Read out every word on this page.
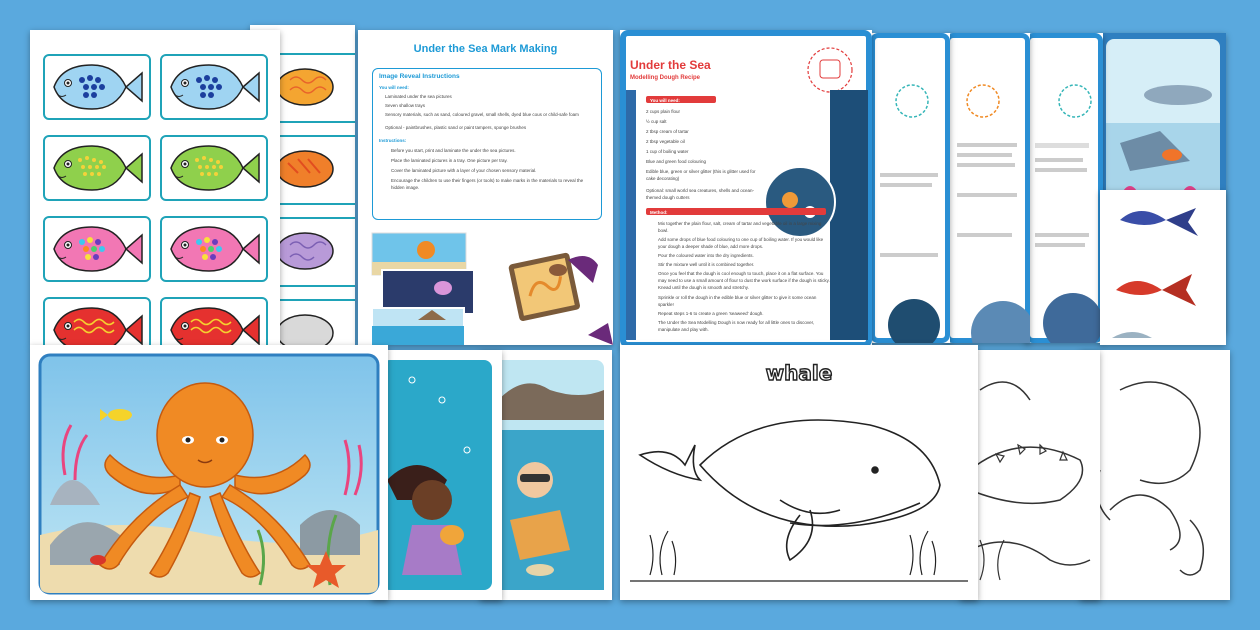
Under the Sea Mark Making
Image Reveal Instructions
You will need:
Laminated under the sea pictures
Seven shallow trays
Sensory materials, such as sand, coloured gravel, small shells, dyed blue cous or child-safe foam
Optional - paintbrushes, plastic sand or paint tampers, sponge brushes
Instructions:
Before you start, print and laminate the under the sea pictures.
Place the laminated pictures in a tray. One picture per tray.
Cover the laminated picture with a layer of your chosen sensory material.
Encourage the children to use their fingers (or tools) to make marks in the materials to reveal the hidden image.
Under the Sea
Modelling Dough Recipe
You will need:
2 cups plain flour
½ cup salt
2 tbsp cream of tartar
2 tbsp vegetable oil
1 cup of boiling water
Blue and green food colouring
Edible blue, green or silver glitter (this is glitter used for cake decorating)
Optional: small world sea creatures, shells and ocean-themed dough cutters
Method:
Mix together the plain flour, salt, cream of tartar and vegetable oil in a large mixing bowl.
Add some drops of blue food colouring to one cup of boiling water. If you would like your dough a deeper shade of blue, add more drops.
Pour the coloured water into the dry ingredients.
Stir the mixture well until it is combined together.
Once you feel that the dough is cool enough to touch, place it on a flat surface. You may need to use a small amount of flour to dust the work surface if the dough is sticky. Knead until the dough is smooth and stretchy.
Sprinkle or roll the dough in the edible blue or silver glitter to give it some ocean sparkle!
Repeat steps 1-6 to create a green 'seaweed' dough.
The Under the Sea Modelling Dough is now ready for all little ones to discover, manipulate and play with.
whale
